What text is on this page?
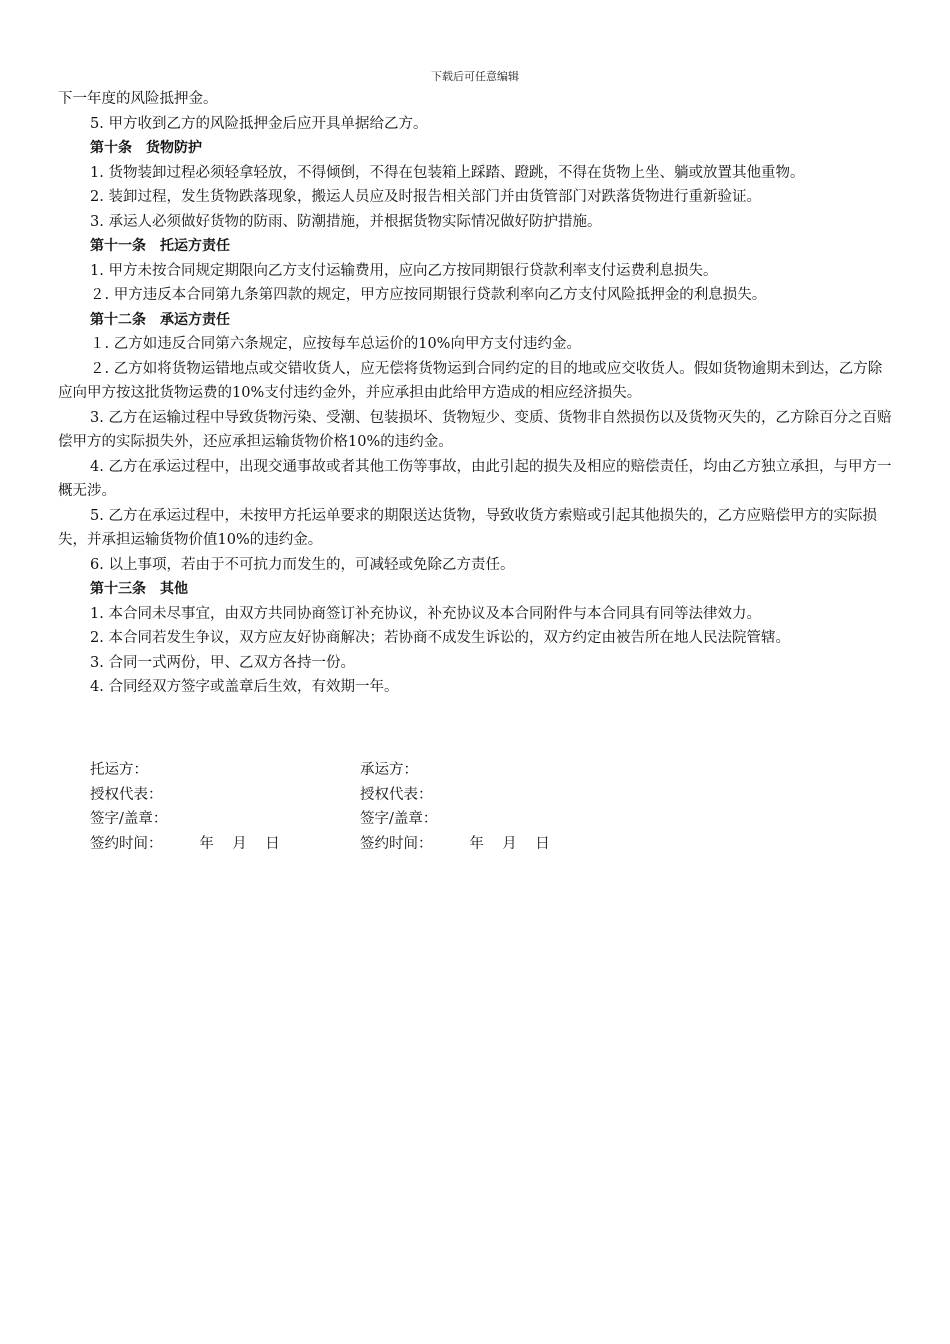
下载后可任意编辑

下一年度的风险抵押金。

5. 甲方收到乙方的风险抵押金后应开具单据给乙方。

第十条　货物防护

1. 货物装卸过程必须轻拿轻放，不得倾倒，不得在包装箱上踩踏、蹬跳，不得在货物上坐、躺或放置其他重物。

2. 装卸过程，发生货物跌落现象，搬运人员应及时报告相关部门并由货管部门对跌落货物进行重新验证。

3. 承运人必须做好货物的防雨、防潮措施，并根据货物实际情况做好防护措施。

第十一条　托运方责任

1. 甲方未按合同规定期限向乙方支付运输费用，应向乙方按同期银行贷款利率支付运费利息损失。

２. 甲方违反本合同第九条第四款的规定，甲方应按同期银行贷款利率向乙方支付风险抵押金的利息损失。

第十二条　承运方责任

１. 乙方如违反合同第六条规定，应按每车总运价的10%向甲方支付违约金。

２. 乙方如将货物运错地点或交错收货人，应无偿将货物运到合同约定的目的地或应交收货人。假如货物逾期未到达，乙方除应向甲方按这批货物运费的10%支付违约金外，并应承担由此给甲方造成的相应经济损失。

3. 乙方在运输过程中导致货物污染、受潮、包装损坏、货物短少、变质、货物非自然损伤以及货物灭失的，乙方除百分之百赔偿甲方的实际损失外，还应承担运输货物价格10%的违约金。

4. 乙方在承运过程中，出现交通事故或者其他工伤等事故，由此引起的损失及相应的赔偿责任，均由乙方独立承担，与甲方一概无涉。

5. 乙方在承运过程中，未按甲方托运单要求的期限送达货物，导致收货方索赔或引起其他损失的，乙方应赔偿甲方的实际损失，并承担运输货物价值10%的违约金。

6. 以上事项，若由于不可抗力而发生的，可减轻或免除乙方责任。

第十三条　其他

1. 本合同未尽事宜，由双方共同协商签订补充协议，补充协议及本合同附件与本合同具有同等法律效力。

2. 本合同若发生争议，双方应友好协商解决；若协商不成发生诉讼的，双方约定由被告所在地人民法院管辖。

3. 合同一式两份，甲、乙双方各持一份。

4. 合同经双方签字或盖章后生效，有效期一年。

托运方：	承运方：
授权代表：	授权代表：
签字/盖章：	签字/盖章：
签约时间：        年    月    日	签约时间：        年    月    日
